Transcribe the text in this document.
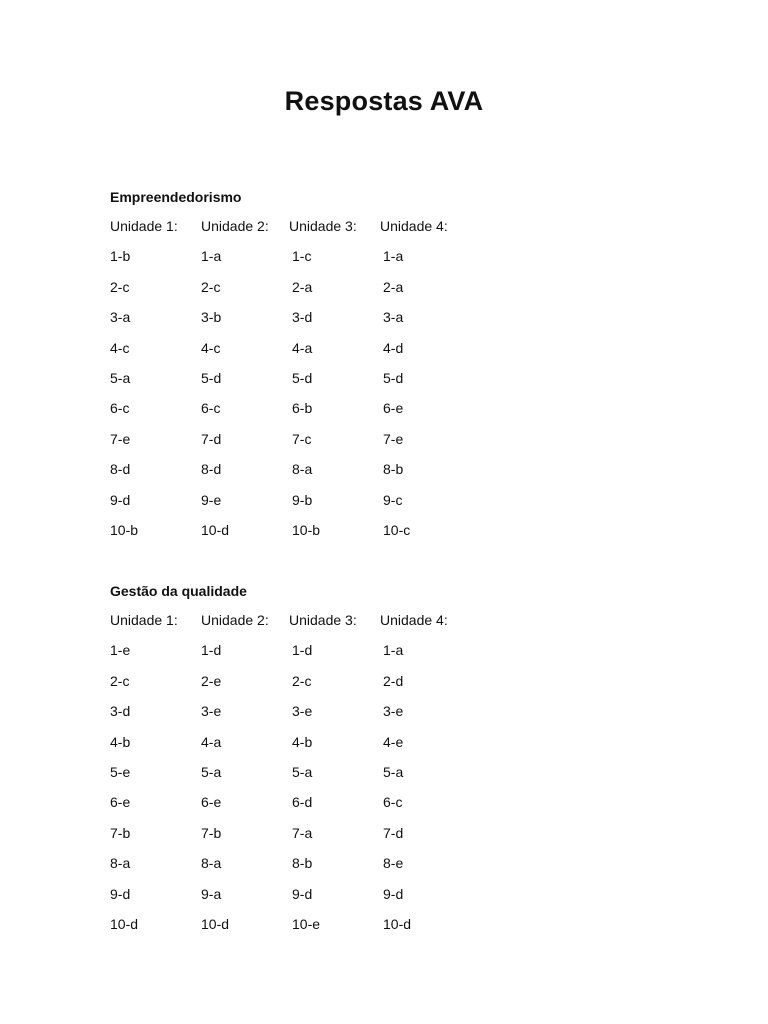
Respostas AVA
Empreendedorismo
Unidade 1:	Unidade 2:	Unidade 3:	Unidade 4:
1-b	1-a	1-c	1-a
2-c	2-c	2-a	2-a
3-a	3-b	3-d	3-a
4-c	4-c	4-a	4-d
5-a	5-d	5-d	5-d
6-c	6-c	6-b	6-e
7-e	7-d	7-c	7-e
8-d	8-d	8-a	8-b
9-d	9-e	9-b	9-c
10-b	10-d	10-b	10-c
Gestão da qualidade
Unidade 1:	Unidade 2:	Unidade 3:	Unidade 4:
1-e	1-d	1-d	1-a
2-c	2-e	2-c	2-d
3-d	3-e	3-e	3-e
4-b	4-a	4-b	4-e
5-e	5-a	5-a	5-a
6-e	6-e	6-d	6-c
7-b	7-b	7-a	7-d
8-a	8-a	8-b	8-e
9-d	9-a	9-d	9-d
10-d	10-d	10-e	10-d
